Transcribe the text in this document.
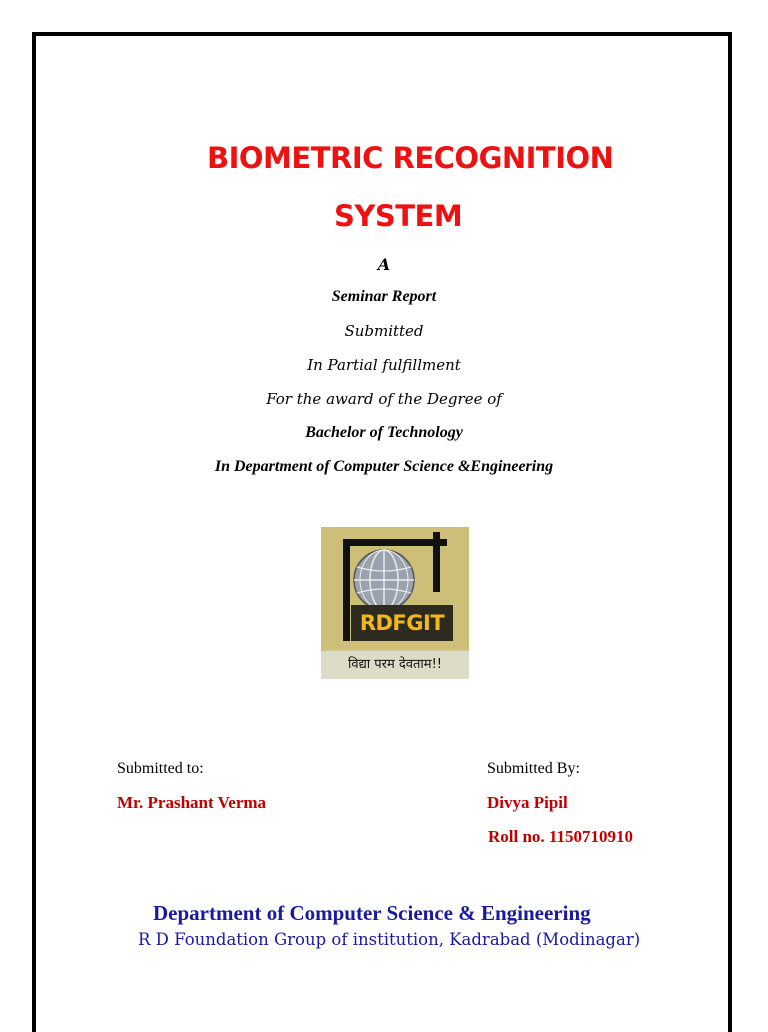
BIOMETRIC RECOGNITION
SYSTEM
A
Seminar Report
Submitted
In Partial fulfillment
For the award of the Degree of
Bachelor of Technology
In Department of Computer Science &Engineering
RDFGIT
विद्या परम देवताम!!
Submitted to:	Submitted By:
Mr. Prashant Verma	Divya Pipil
Roll no. 1150710910
Department of Computer Science & Engineering
R D Foundation Group of institution, Kadrabad (Modinagar)
